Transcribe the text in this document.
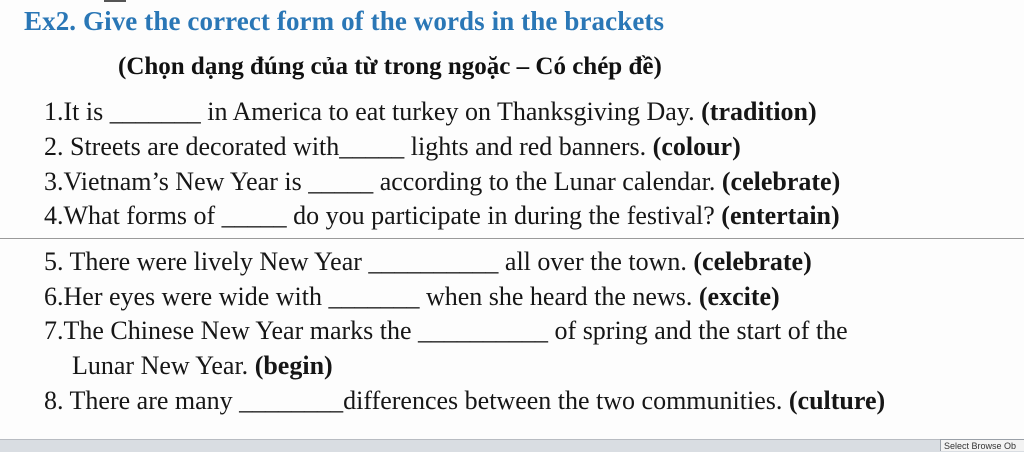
Ex2. Give the correct form of the words in the brackets
(Chọn dạng đúng của từ trong ngoặc – Có chép đề)
1.It is _______ in America to eat turkey on Thanksgiving Day. (tradition)
2. Streets are decorated with_____ lights and red banners. (colour)
3.Vietnam’s New Year is _____ according to the Lunar calendar. (celebrate)
4.What forms of _____ do you participate in during the festival? (entertain)
5. There were lively New Year __________ all over the town. (celebrate)
6.Her eyes were wide with _______ when she heard the news. (excite)
7.The Chinese New Year marks the __________ of spring and the start of the
Lunar New Year. (begin)
8. There are many ________differences between the two communities. (culture)
Select Browse Ob
